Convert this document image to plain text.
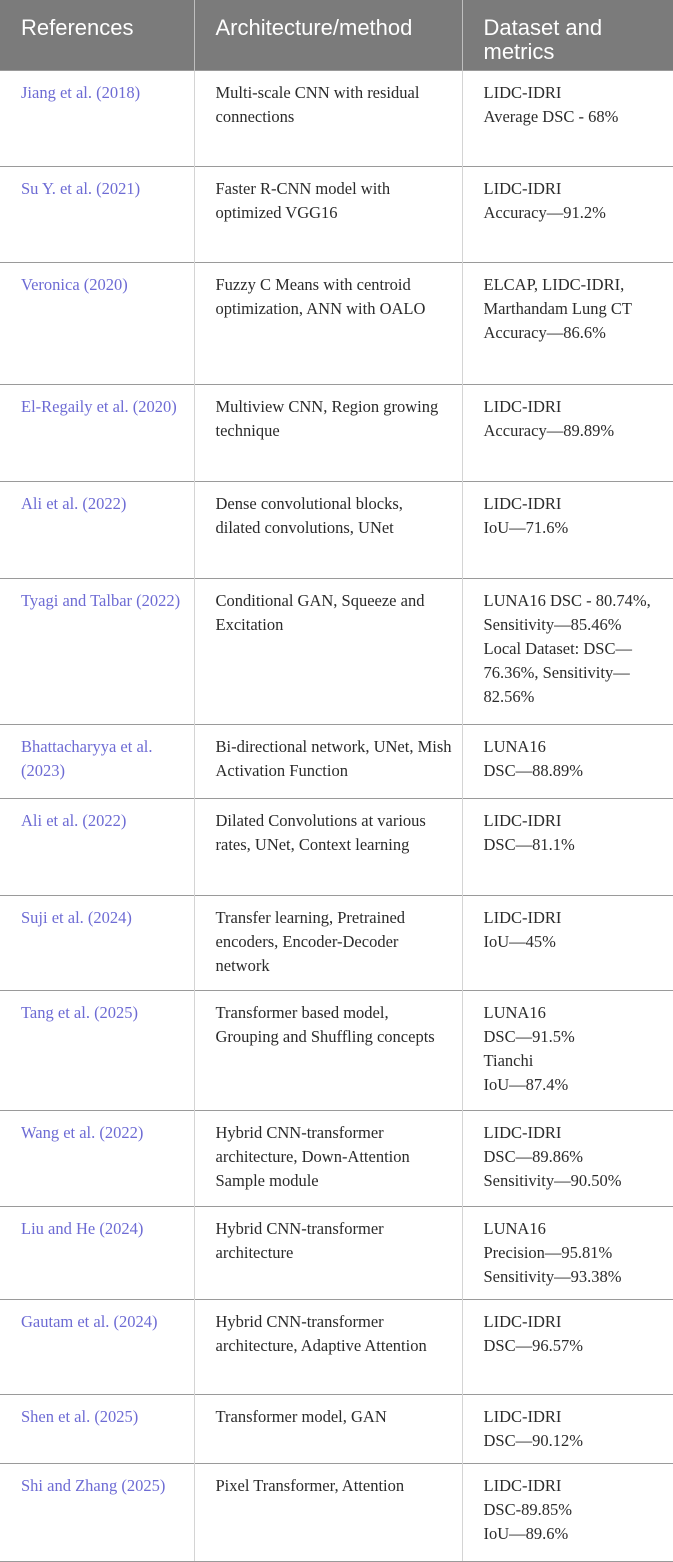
References	Architecture/method	Dataset and metrics
Jiang et al. (2018)	Multi-scale CNN with residual connections	LIDC-IDRI
Average DSC - 68%

Su Y. et al. (2021)	Faster R-CNN model with optimized VGG16	LIDC-IDRI
Accuracy—91.2%

Veronica (2020)	Fuzzy C Means with centroid optimization, ANN with OALO	ELCAP, LIDC-IDRI, Marthandam Lung CT
Accuracy—86.6%

El-Regaily et al. (2020)	Multiview CNN, Region growing technique	LIDC-IDRI
Accuracy—89.89%

Ali et al. (2022)	Dense convolutional blocks, dilated convolutions, UNet	LIDC-IDRI
IoU—71.6%

Tyagi and Talbar (2022)	Conditional GAN, Squeeze and Excitation	LUNA16 DSC - 80.74%, Sensitivity—85.46%
Local Dataset: DSC—76.36%, Sensitivity—82.56%

Bhattacharyya et al. (2023)	Bi-directional network, UNet, Mish Activation Function	LUNA16
DSC—88.89%

Ali et al. (2022)	Dilated Convolutions at various rates, UNet, Context learning	LIDC-IDRI
DSC—81.1%

Suji et al. (2024)	Transfer learning, Pretrained encoders, Encoder-Decoder network	LIDC-IDRI
IoU—45%

Tang et al. (2025)	Transformer based model, Grouping and Shuffling concepts	LUNA16
DSC—91.5%
Tianchi
IoU—87.4%

Wang et al. (2022)	Hybrid CNN-transformer architecture, Down-Attention Sample module	LIDC-IDRI
DSC—89.86%
Sensitivity—90.50%

Liu and He (2024)	Hybrid CNN-transformer architecture	LUNA16
Precision—95.81%
Sensitivity—93.38%

Gautam et al. (2024)	Hybrid CNN-transformer architecture, Adaptive Attention	LIDC-IDRI
DSC—96.57%

Shen et al. (2025)	Transformer model, GAN	LIDC-IDRI
DSC—90.12%

Shi and Zhang (2025)	Pixel Transformer, Attention	LIDC-IDRI
DSC-89.85%
IoU—89.6%
